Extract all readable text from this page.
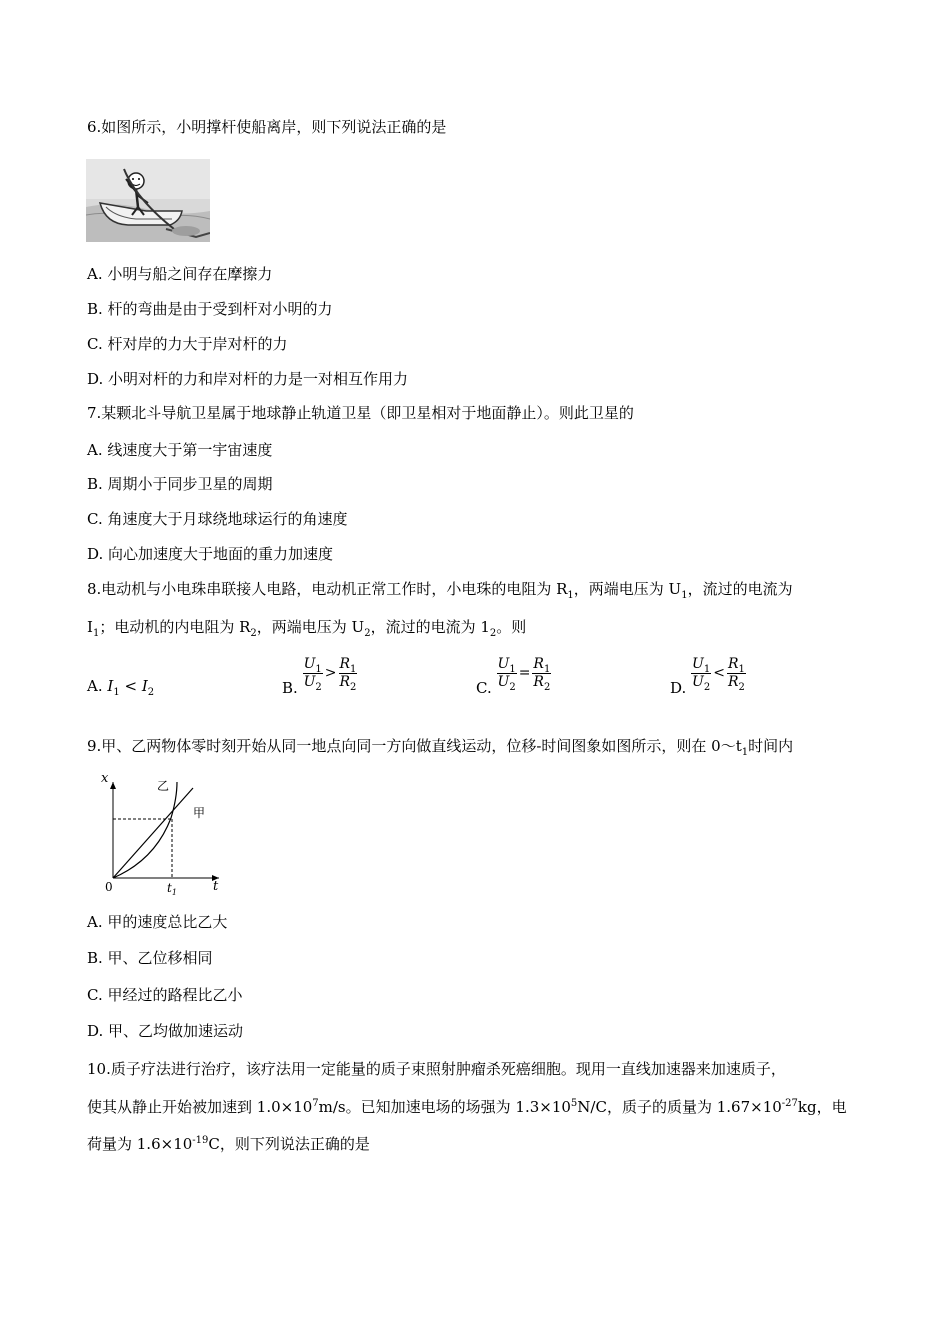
6.如图所示，小明撑杆使船离岸，则下列说法正确的是
A. 小明与船之间存在摩擦力
B. 杆的弯曲是由于受到杆对小明的力
C. 杆对岸的力大于岸对杆的力
D. 小明对杆的力和岸对杆的力是一对相互作用力
7.某颗北斗导航卫星属于地球静止轨道卫星（即卫星相对于地面静止）。则此卫星的
A. 线速度大于第一宇宙速度
B. 周期小于同步卫星的周期
C. 角速度大于月球绕地球运行的角速度
D. 向心加速度大于地面的重力加速度
8.电动机与小电珠串联接人电路，电动机正常工作时，小电珠的电阻为 $R_1$，两端电压为 $U_1$，流过的电流为
$I_1$；电动机的内电阻为 $R_2$，两端电压为 $U_2$，流过的电流为 $1_2$。则
A. $I_1 < I_2$	B. $\frac{U_1}{U_2} > \frac{R_1}{R_2}$	C. $\frac{U_1}{U_2} = \frac{R_1}{R_2}$	D. $\frac{U_1}{U_2} < \frac{R_1}{R_2}$
9.甲、乙两物体零时刻开始从同一地点向同一方向做直线运动，位移-时间图象如图所示，则在 $0\sim t_1$时间内
x
t
0	$t_1$
乙
甲
A. 甲的速度总比乙大
B. 甲、乙位移相同
C. 甲经过的路程比乙小
D. 甲、乙均做加速运动
10.质子疗法进行治疗，该疗法用一定能量的质子束照射肿瘤杀死癌细胞。现用一直线加速器来加速质子，
使其从静止开始被加速到 $1.0\times 10^7m/s$。已知加速电场的场强为 $1.3\times 10^5N/C$，质子的质量为 $1.67\times 10^{-27}kg$，电
荷量为 $1.6\times 10^{-19}C$，则下列说法正确的是
